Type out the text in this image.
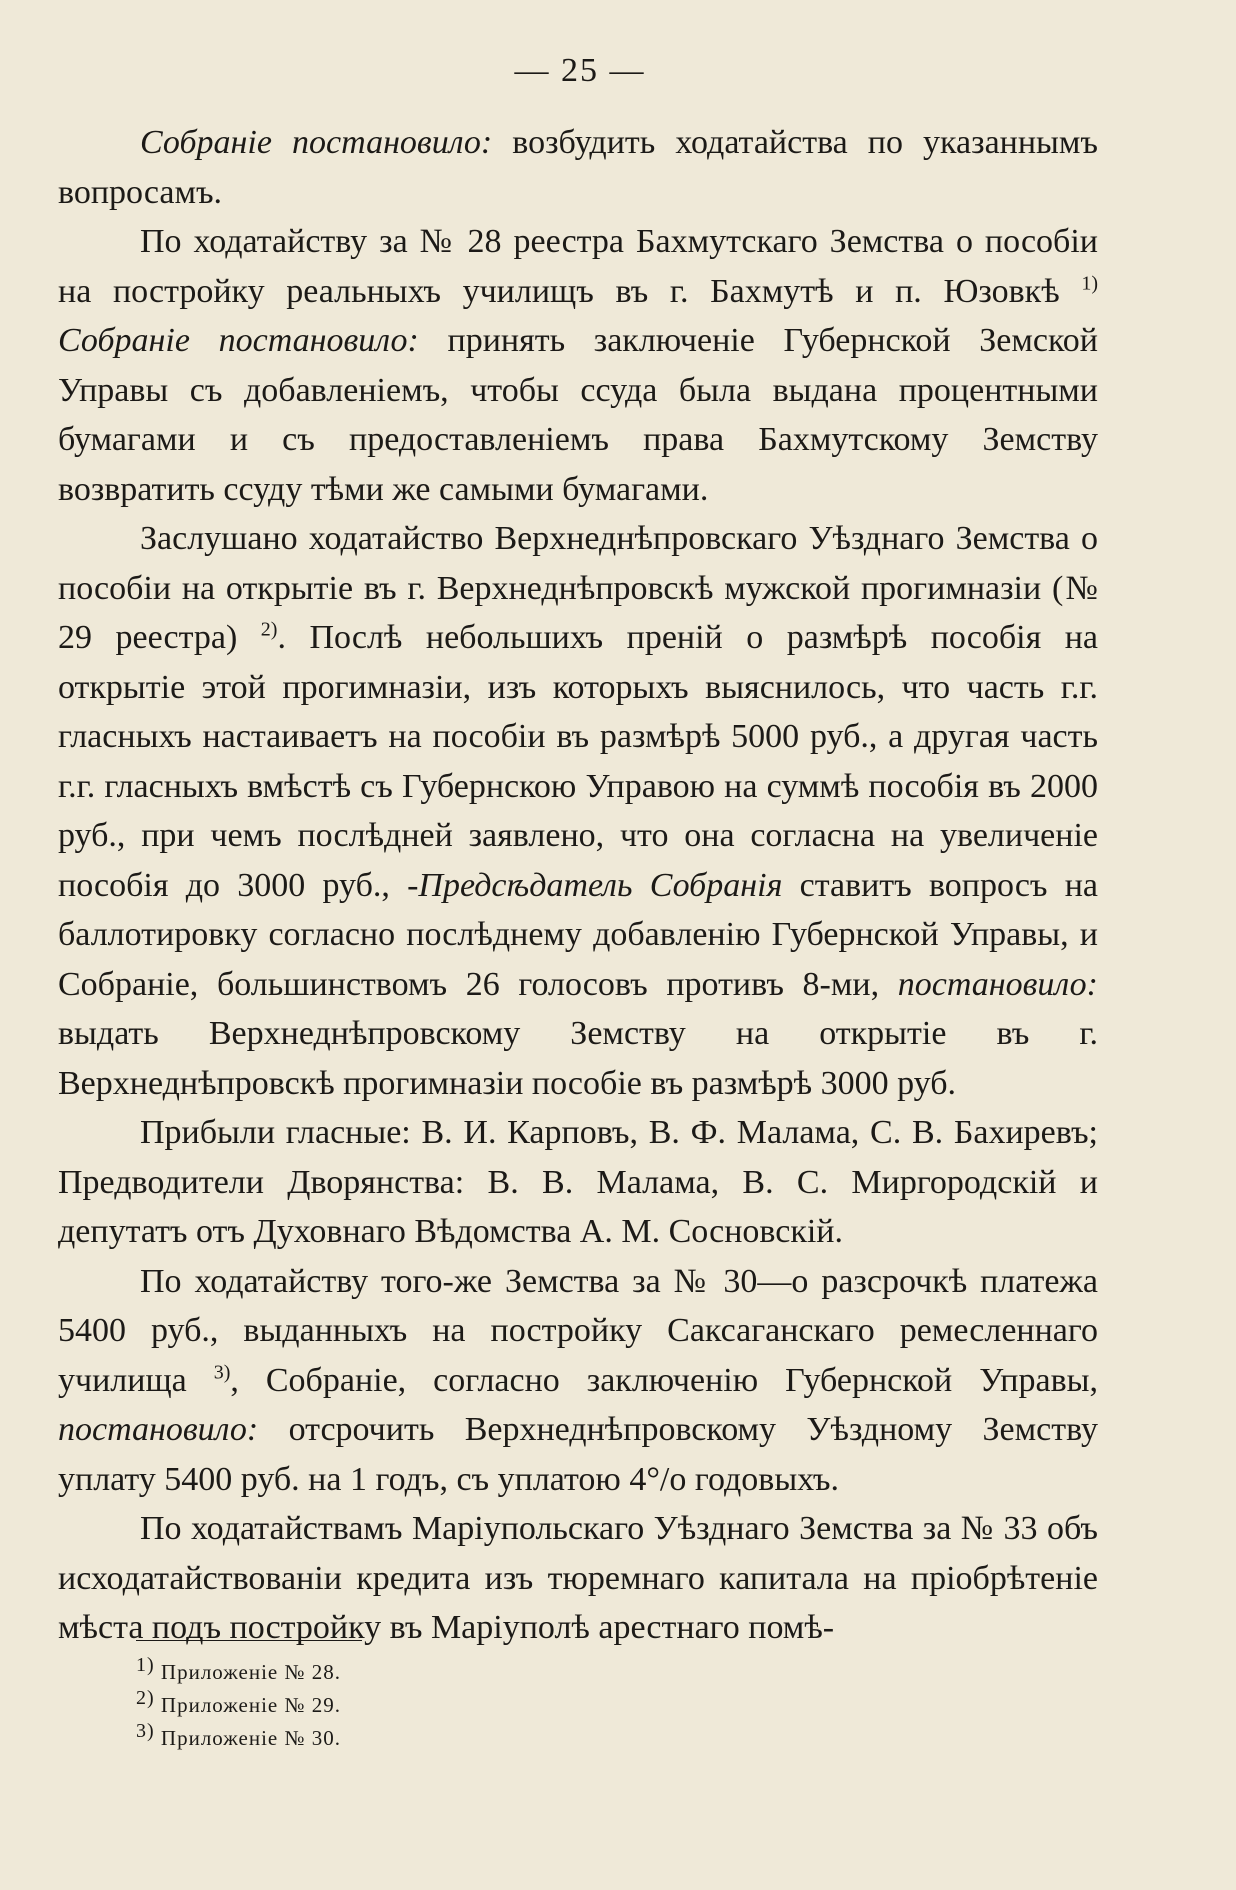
— 25 —

Собраніе постановило: возбудить ходатайства по указаннымъ вопросамъ.

По ходатайству за № 28 реестра Бахмутскаго Земства о пособіи на постройку реальныхъ училищъ въ г. Бахмутѣ и п. Юзовкѣ $^{1)}$ Собраніе постановило: принять заключеніе Губернской Земской Управы съ добавленіемъ, чтобы ссуда была выдана процентными бумагами и съ предоставленіемъ права Бахмутскому Земству возвратить ссуду тѣми же самыми бумагами.

Заслушано ходатайство Верхнеднѣпровскаго Уѣзднаго Земства о пособіи на открытіе въ г. Верхнеднѣпровскѣ мужской прогимназіи (№ 29 реестра) $^{2)}$. Послѣ небольшихъ преній о размѣрѣ пособія на открытіе этой прогимназіи, изъ которыхъ выяснилось, что часть г.г. гласныхъ настаиваетъ на пособіи въ размѣрѣ 5000 руб., а другая часть г.г. гласныхъ вмѣстѣ съ Губернскою Управою на суммѣ пособія въ 2000 руб., при чемъ послѣдней заявлено, что она согласна на увеличеніе пособія до 3000 руб., -Предсѣдатель Собранія ставитъ вопросъ на баллотировку согласно послѣднему добавленію Губернской Управы, и Собраніе, большинствомъ 26 голосовъ противъ 8-ми, постановило: выдать Верхнеднѣпровскому Земству на открытіе въ г. Верхнеднѣпровскѣ прогимназіи пособіе въ размѣрѣ 3000 руб.

Прибыли гласные: В. И. Карповъ, В. Ф. Малама, С. В. Бахиревъ; Предводители Дворянства: В. В. Малама, В. С. Миргородскій и депутатъ отъ Духовнаго Вѣдомства А. М. Сосновскій.

По ходатайству того-же Земства за № 30—о разсрочкѣ платежа 5400 руб., выданныхъ на постройку Саксаганскаго ремесленнаго училища $^{3)}$, Собраніе, согласно заключенію Губернской Управы, постановило: отсрочить Верхнеднѣпровскому Уѣздному Земству уплату 5400 руб. на 1 годъ, съ уплатою 4°/о годовыхъ.

По ходатайствамъ Маріупольскаго Уѣзднаго Земства за № 33 объ исходатайствованіи кредита изъ тюремнаго капитала на пріобрѣтеніе мѣста подъ постройку въ Маріуполѣ арестнаго помѣ-

$^{1)}$ Приложеніе № 28.
$^{2)}$ Приложеніе № 29.
$^{3)}$ Приложеніе № 30.
